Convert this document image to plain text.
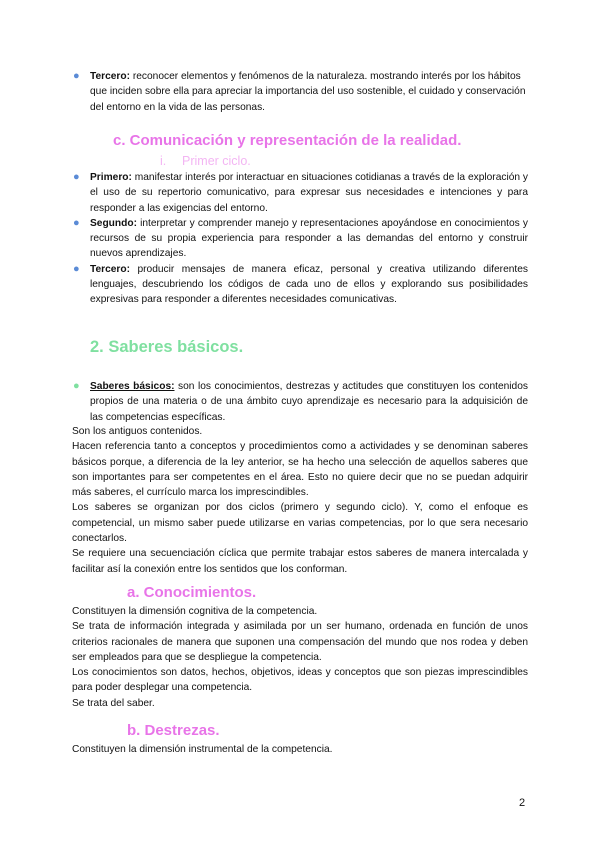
● Tercero: reconocer elementos y fenómenos de la naturaleza. mostrando interés por los hábitos que inciden sobre ella para apreciar la importancia del uso sostenible, el cuidado y conservación del entorno en la vida de las personas.

c. Comunicación y representación de la realidad.

i. Primer ciclo.

● Primero: manifestar interés por interactuar en situaciones cotidianas a través de la exploración y el uso de su repertorio comunicativo, para expresar sus necesidades e intenciones y para responder a las exigencias del entorno.

● Segundo: interpretar y comprender manejo y representaciones apoyándose en conocimientos y recursos de su propia experiencia para responder a las demandas del entorno y construir nuevos aprendizajes.

● Tercero: producir mensajes de manera eficaz, personal y creativa utilizando diferentes lenguajes, descubriendo los códigos de cada uno de ellos y explorando sus posibilidades expresivas para responder a diferentes necesidades comunicativas.

2. Saberes básicos.

● Saberes básicos: son los conocimientos, destrezas y actitudes que constituyen los contenidos propios de una materia o de una ámbito cuyo aprendizaje es necesario para la adquisición de las competencias específicas.

Son los antiguos contenidos.

Hacen referencia tanto a conceptos y procedimientos como a actividades y se denominan saberes básicos porque, a diferencia de la ley anterior, se ha hecho una selección de aquellos saberes que son importantes para ser competentes en el área. Esto no quiere decir que no se puedan adquirir más saberes, el currículo marca los imprescindibles.

Los saberes se organizan por dos ciclos (primero y segundo ciclo). Y, como el enfoque es competencial, un mismo saber puede utilizarse en varias competencias, por lo que sera necesario conectarlos.

Se requiere una secuenciación cíclica que permite trabajar estos saberes de manera intercalada y facilitar así la conexión entre los sentidos que los conforman.

a. Conocimientos.

Constituyen la dimensión cognitiva de la competencia.

Se trata de información integrada y asimilada por un ser humano, ordenada en función de unos criterios racionales de manera que suponen una compensación del mundo que nos rodea y deben ser empleados para que se despliegue la competencia.

Los conocimientos son datos, hechos, objetivos, ideas y conceptos que son piezas imprescindibles para poder desplegar una competencia.

Se trata del saber.

b. Destrezas.

Constituyen la dimensión instrumental de la competencia.

2
